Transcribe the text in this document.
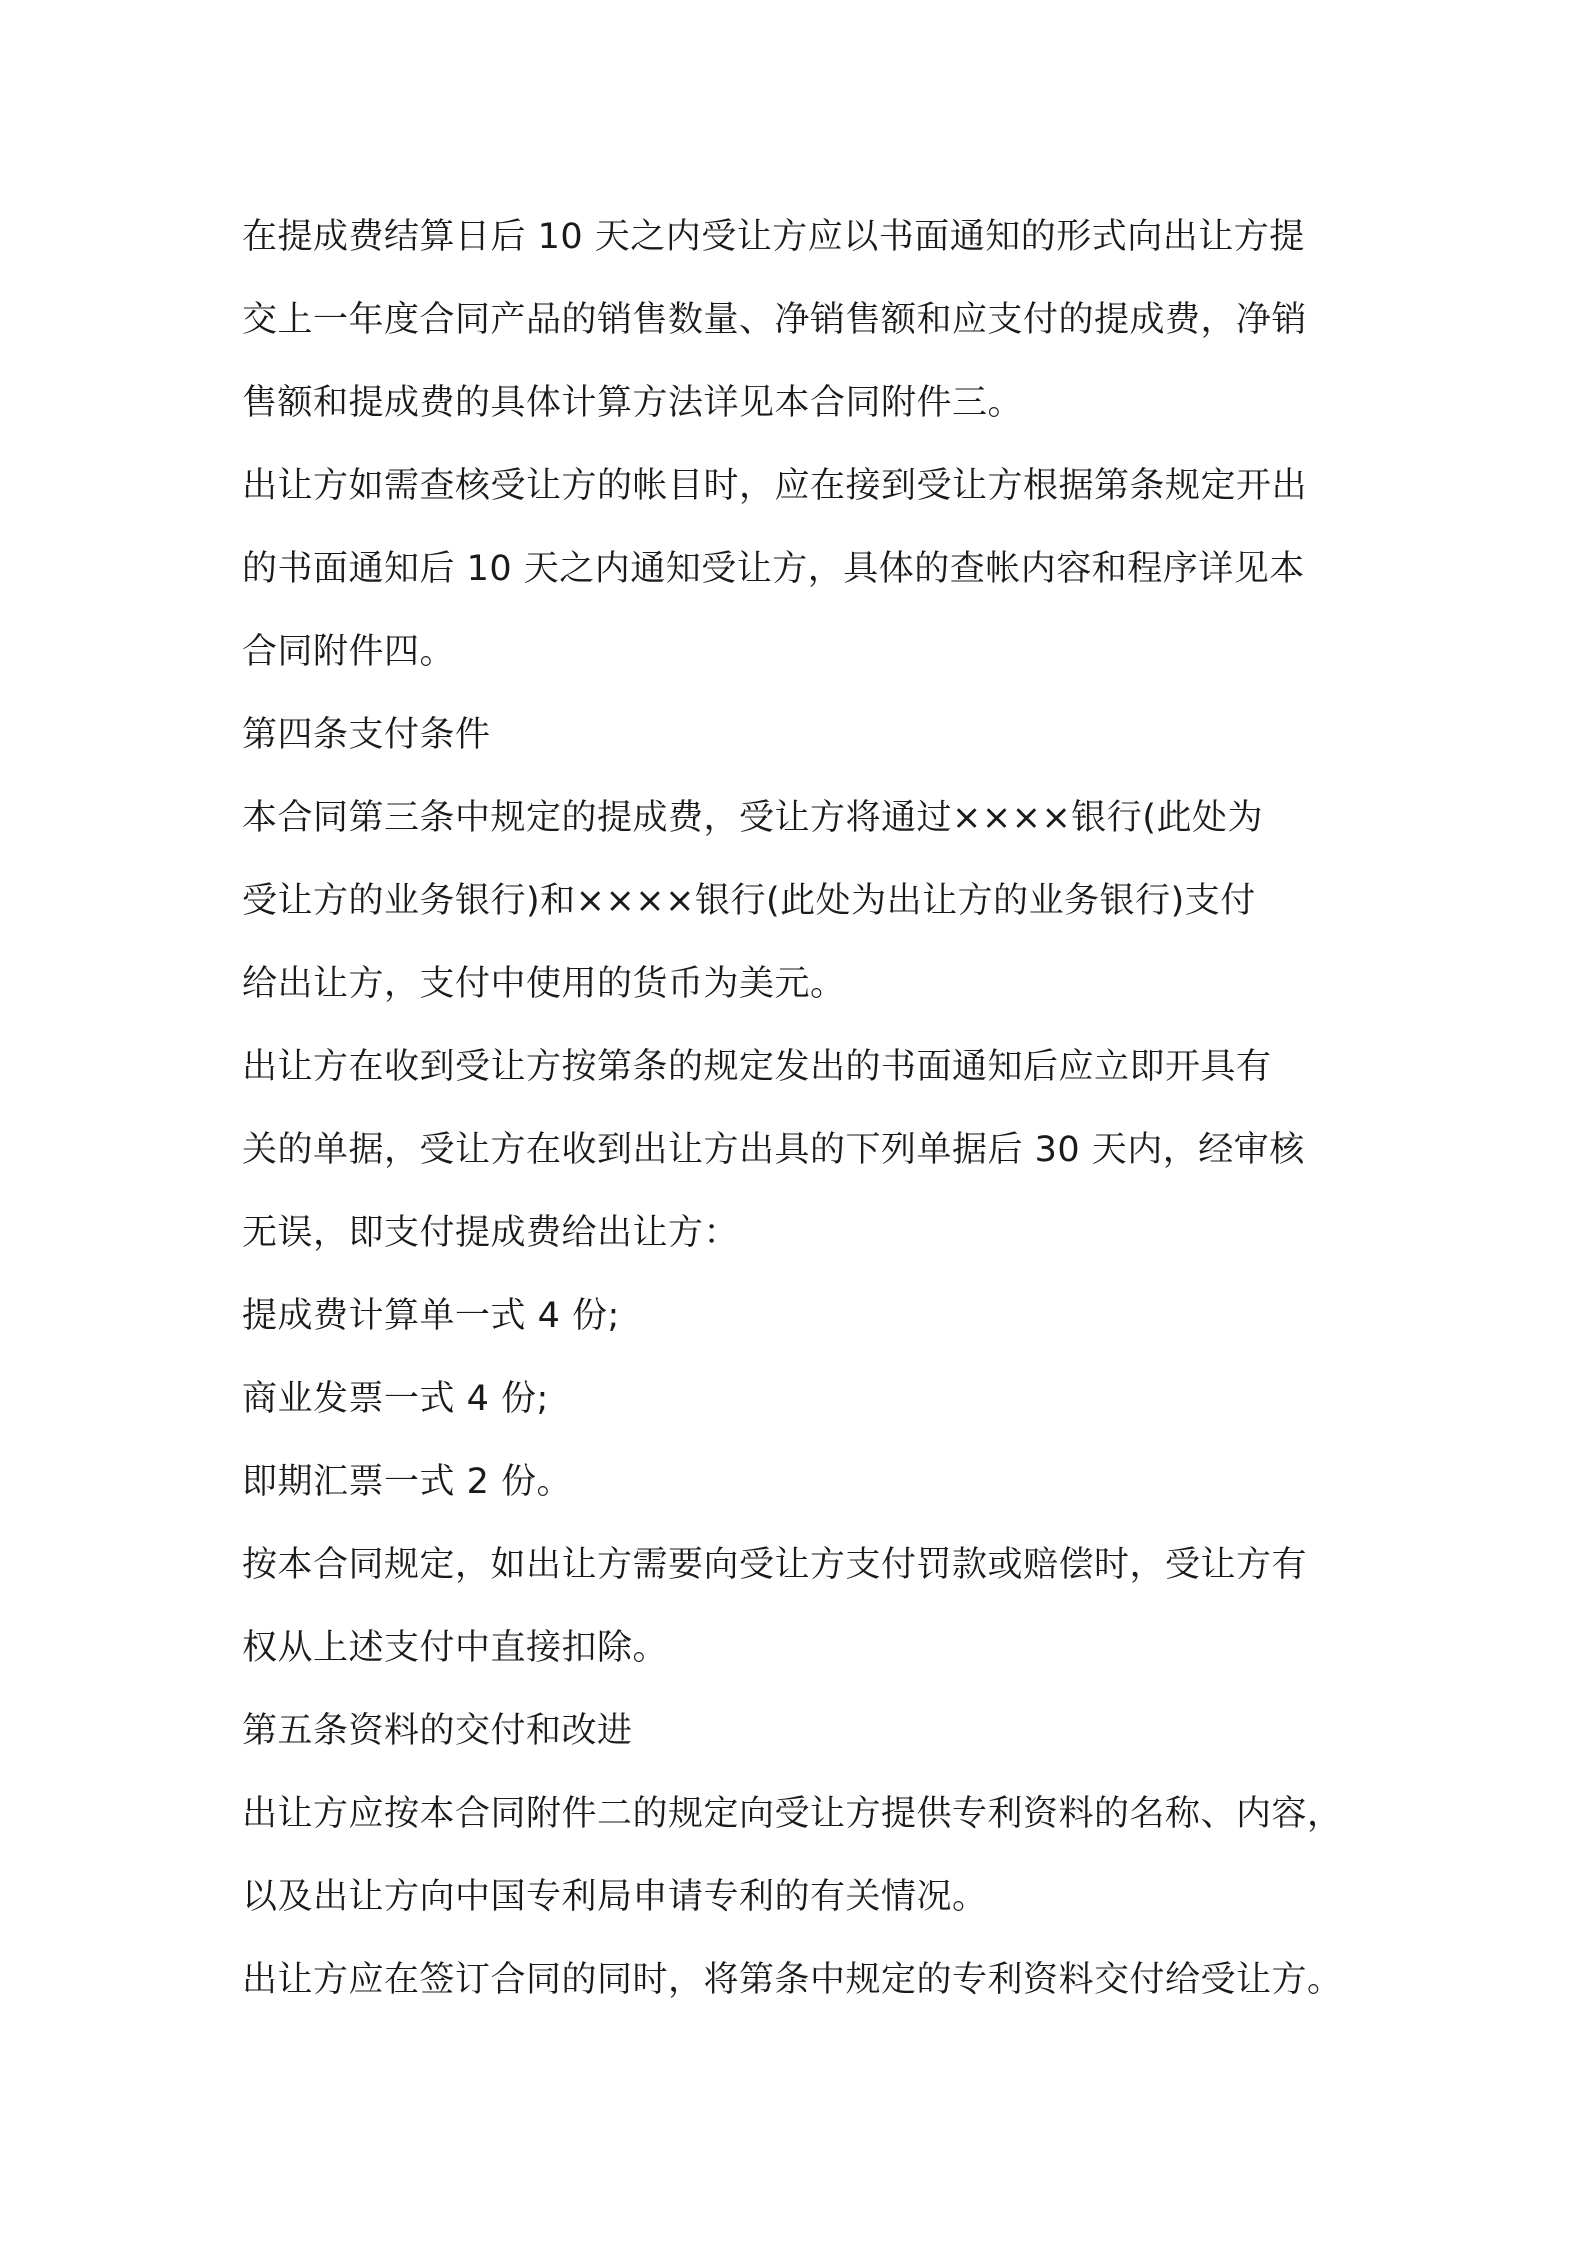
在提成费结算日后 10 天之内受让方应以书面通知的形式向出让方提

交上一年度合同产品的销售数量、净销售额和应支付的提成费，净销

售额和提成费的具体计算方法详见本合同附件三。

出让方如需查核受让方的帐目时，应在接到受让方根据第条规定开出

的书面通知后 10 天之内通知受让方，具体的查帐内容和程序详见本

合同附件四。

第四条支付条件

本合同第三条中规定的提成费，受让方将通过××××银行(此处为

受让方的业务银行)和××××银行(此处为出让方的业务银行)支付

给出让方，支付中使用的货币为美元。

出让方在收到受让方按第条的规定发出的书面通知后应立即开具有

关的单据，受让方在收到出让方出具的下列单据后 30 天内，经审核

无误，即支付提成费给出让方：

提成费计算单一式 4 份;

商业发票一式 4 份;

即期汇票一式 2 份。

按本合同规定，如出让方需要向受让方支付罚款或赔偿时，受让方有

权从上述支付中直接扣除。

第五条资料的交付和改进

出让方应按本合同附件二的规定向受让方提供专利资料的名称、内容，

以及出让方向中国专利局申请专利的有关情况。

出让方应在签订合同的同时，将第条中规定的专利资料交付给受让方。
